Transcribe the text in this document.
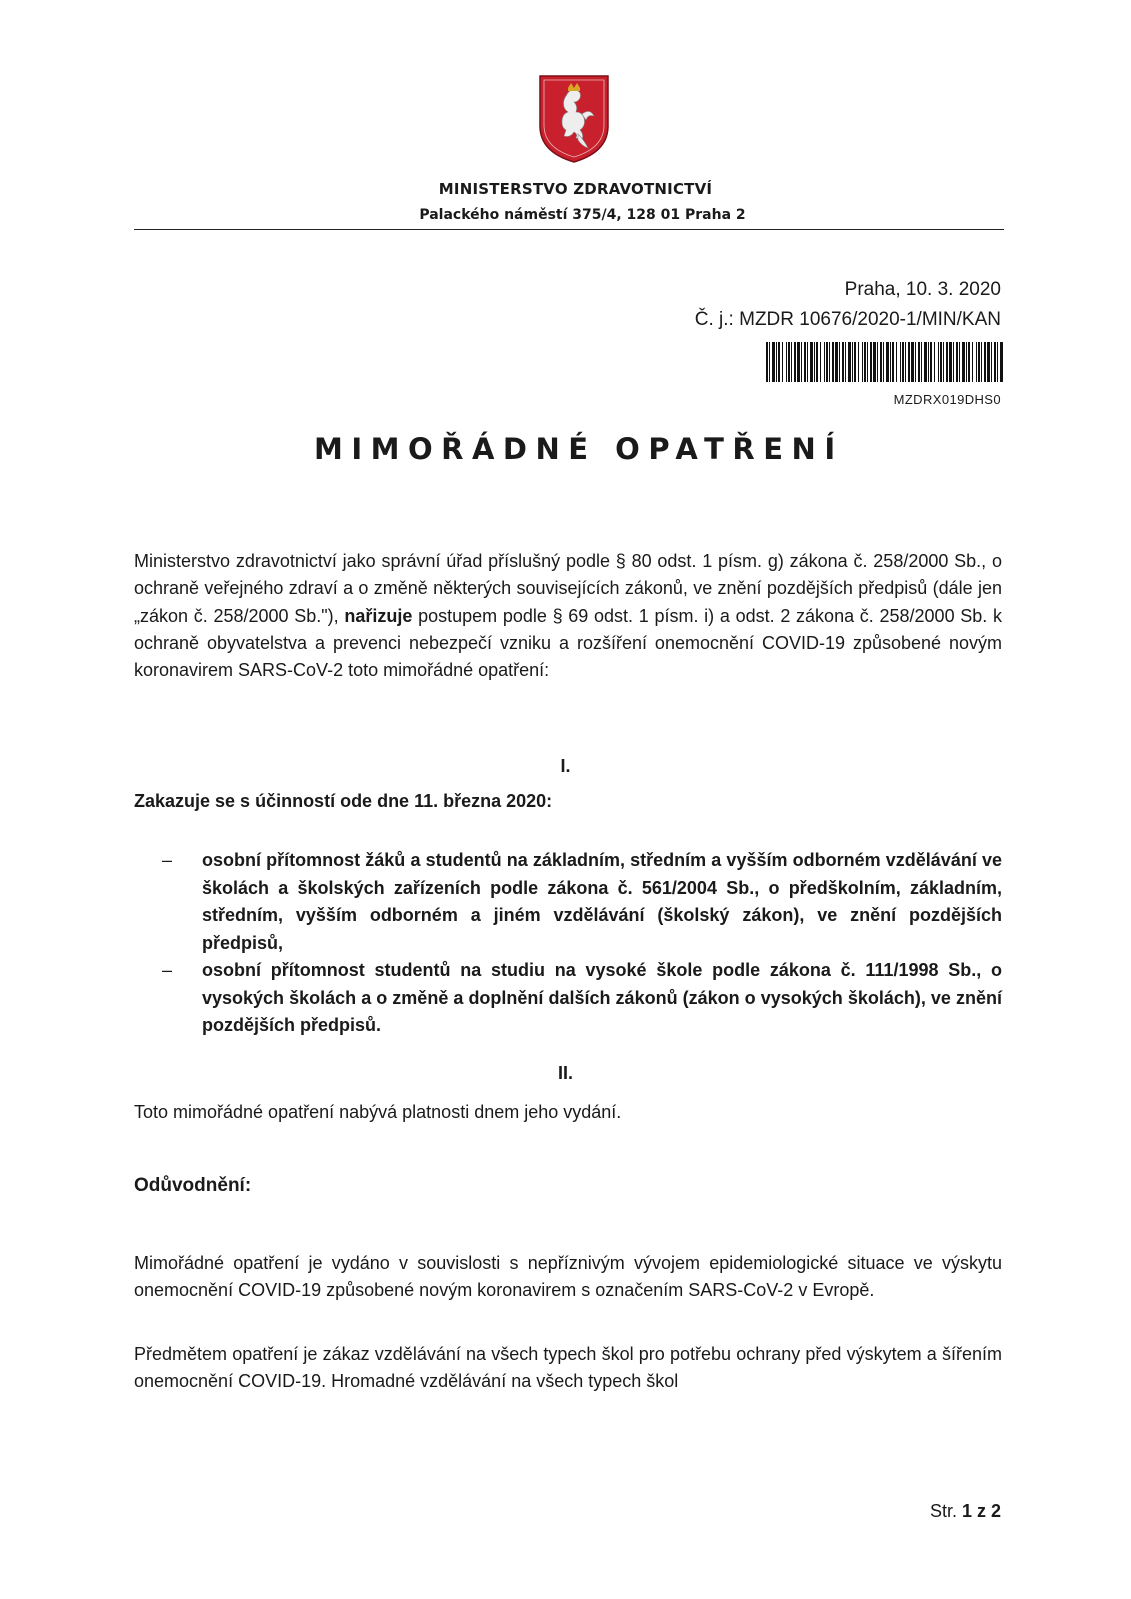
MINISTERSTVO ZDRAVOTNICTVÍ
Palackého náměstí 375/4, 128 01 Praha 2
Praha, 10. 3. 2020
Č. j.: MZDR 10676/2020-1/MIN/KAN
MZDRX019DHS0
MIMOŘÁDNÉ OPATŘENÍ
Ministerstvo zdravotnictví jako správní úřad příslušný podle § 80 odst. 1 písm. g) zákona č. 258/2000 Sb., o ochraně veřejného zdraví a o změně některých souvisejících zákonů, ve znění pozdějších předpisů (dále jen „zákon č. 258/2000 Sb."), nařizuje postupem podle § 69 odst. 1 písm. i) a odst. 2 zákona č. 258/2000 Sb. k ochraně obyvatelstva a prevenci nebezpečí vzniku a rozšíření onemocnění COVID-19 způsobené novým koronavirem SARS-CoV-2 toto mimořádné opatření:
I.
Zakazuje se s účinností ode dne 11. března 2020:
– osobní přítomnost žáků a studentů na základním, středním a vyšším odborném vzdělávání ve školách a školských zařízeních podle zákona č. 561/2004 Sb., o předškolním, základním, středním, vyšším odborném a jiném vzdělávání (školský zákon), ve znění pozdějších předpisů,
– osobní přítomnost studentů na studiu na vysoké škole podle zákona č. 111/1998 Sb., o vysokých školách a o změně a doplnění dalších zákonů (zákon o vysokých školách), ve znění pozdějších předpisů.
II.
Toto mimořádné opatření nabývá platnosti dnem jeho vydání.
Odůvodnění:
Mimořádné opatření je vydáno v souvislosti s nepříznivým vývojem epidemiologické situace ve výskytu onemocnění COVID-19 způsobené novým koronavirem s označením SARS-CoV-2 v Evropě.
Předmětem opatření je zákaz vzdělávání na všech typech škol pro potřebu ochrany před výskytem a šířením onemocnění COVID-19. Hromadné vzdělávání na všech typech škol
Str. 1 z 2
